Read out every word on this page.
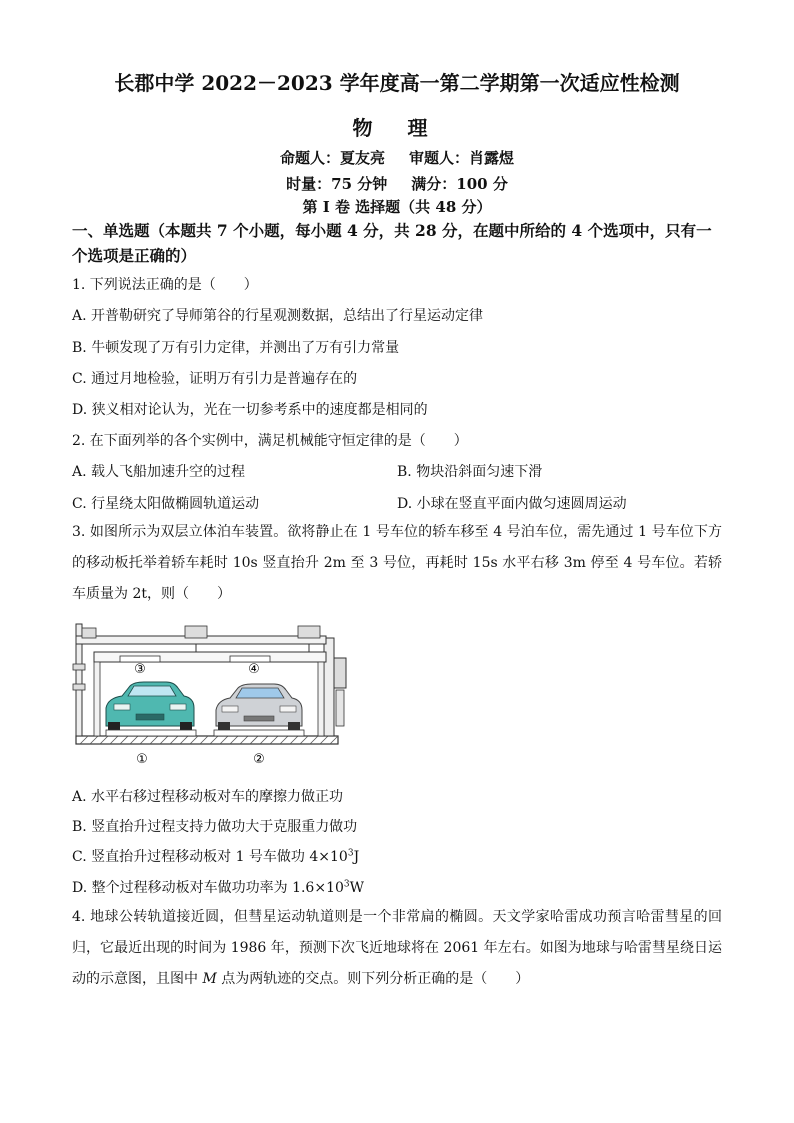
长郡中学 2022－2023 学年度高一第二学期第一次适应性检测
物 理
命题人：夏友亮 审题人：肖露煜
时量：75 分钟 满分：100 分
第 I 卷 选择题（共 48 分）
一、单选题（本题共 7 个小题，每小题 4 分，共 28 分，在题中所给的 4 个选项中，只有一个选项是正确的）
1. 下列说法正确的是（　　）
A. 开普勒研究了导师第谷的行星观测数据，总结出了行星运动定律
B. 牛顿发现了万有引力定律，并测出了万有引力常量
C. 通过月地检验，证明万有引力是普遍存在的
D. 狭义相对论认为，光在一切参考系中的速度都是相同的
2. 在下面列举的各个实例中，满足机械能守恒定律的是（　　）
A. 载人飞船加速升空的过程	B. 物块沿斜面匀速下滑
C. 行星绕太阳做椭圆轨道运动	D. 小球在竖直平面内做匀速圆周运动
3. 如图所示为双层立体泊车装置。欲将静止在 1 号车位的轿车移至 4 号泊车位，需先通过 1 号车位下方的移动板托举着轿车耗时 10s 竖直抬升 2m 至 3 号位，再耗时 15s 水平右移 3m 停至 4 号车位。若轿车质量为 2t，则（　　）
③	④
①	②
A. 水平右移过程移动板对车的摩擦力做正功
B. 竖直抬升过程支持力做功大于克服重力做功
C. 竖直抬升过程移动板对 1 号车做功 $4\times 10^3J$
D. 整个过程移动板对车做功功率为 $1.6\times 10^3W$
4. 地球公转轨道接近圆，但彗星运动轨道则是一个非常扁的椭圆。天文学家哈雷成功预言哈雷彗星的回归，它最近出现的时间为 1986 年，预测下次飞近地球将在 2061 年左右。如图为地球与哈雷彗星绕日运动的示意图，且图中 M 点为两轨迹的交点。则下列分析正确的是（　　）
